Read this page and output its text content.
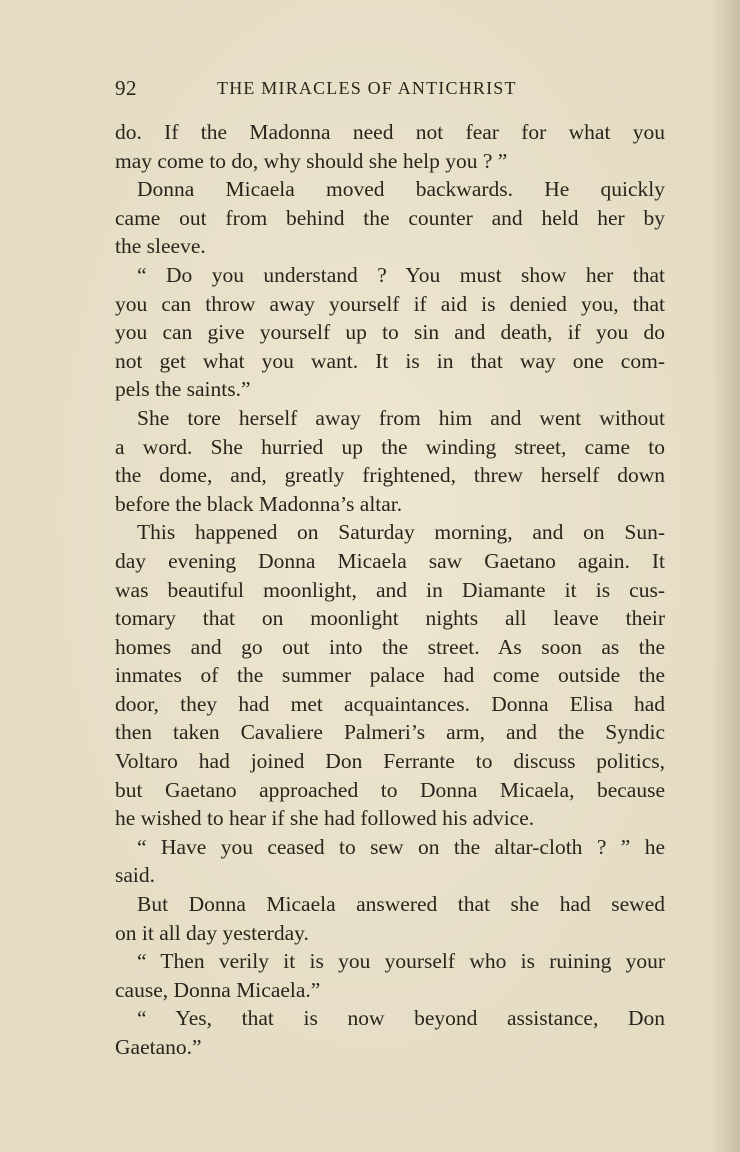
92	THE MIRACLES OF ANTICHRIST
do. If the Madonna need not fear for what you
may come to do, why should she help you ? ”
Donna Micaela moved backwards. He quickly
came out from behind the counter and held her by
the sleeve.
“ Do you understand ? You must show her that
you can throw away yourself if aid is denied you, that
you can give yourself up to sin and death, if you do
not get what you want. It is in that way one com-
pels the saints.”
She tore herself away from him and went without
a word. She hurried up the winding street, came to
the dome, and, greatly frightened, threw herself down
before the black Madonna’s altar.
This happened on Saturday morning, and on Sun-
day evening Donna Micaela saw Gaetano again. It
was beautiful moonlight, and in Diamante it is cus-
tomary that on moonlight nights all leave their
homes and go out into the street. As soon as the
inmates of the summer palace had come outside the
door, they had met acquaintances. Donna Elisa had
then taken Cavaliere Palmeri’s arm, and the Syndic
Voltaro had joined Don Ferrante to discuss politics,
but Gaetano approached to Donna Micaela, because
he wished to hear if she had followed his advice.
“ Have you ceased to sew on the altar-cloth ? ” he
said.
But Donna Micaela answered that she had sewed
on it all day yesterday.
“ Then verily it is you yourself who is ruining your
cause, Donna Micaela.”
“ Yes, that is now beyond assistance, Don
Gaetano.”
